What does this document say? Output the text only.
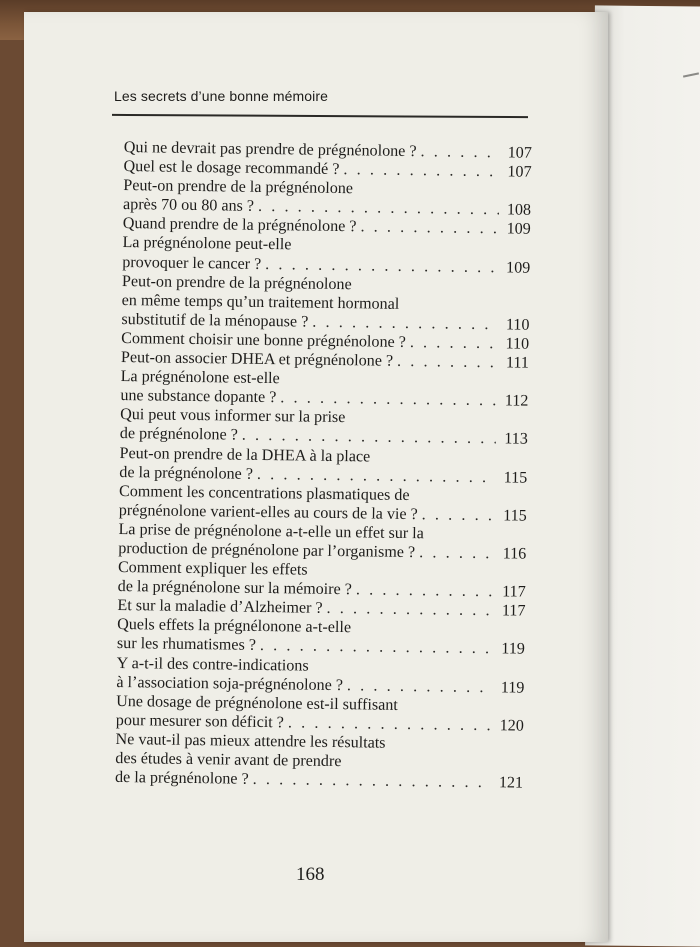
Les secrets d’une bonne mémoire
Qui ne devrait pas prendre de prégnénolone ? . . .	107
Quel est le dosage recommandé ? . . .	107
Peut-on prendre de la prégnénolone
après 70 ou 80 ans ? . . .	108
Quand prendre de la prégnénolone ? . . .	109
La prégnénolone peut-elle
provoquer le cancer ? . . .	109
Peut-on prendre de la prégnénolone
en même temps qu’un traitement hormonal
substitutif de la ménopause ? . . .	110
Comment choisir une bonne prégnénolone ? . . .	110
Peut-on associer DHEA et prégnénolone ? . . .	111
La prégnénolone est-elle
une substance dopante ? . . .	112
Qui peut vous informer sur la prise
de prégnénolone ? . . .	113
Peut-on prendre de la DHEA à la place
de la prégnénolone ? . . .	115
Comment les concentrations plasmatiques de
prégnénolone varient-elles au cours de la vie ? . . .	115
La prise de prégnénolone a-t-elle un effet sur la
production de prégnénolone par l’organisme ? . . .	116
Comment expliquer les effets
de la prégnénolone sur la mémoire ? . . .	117
Et sur la maladie d’Alzheimer ? . . .	117
Quels effets la prégnélonone a-t-elle
sur les rhumatismes ? . . .	119
Y a-t-il des contre-indications
à l’association soja-prégnénolone ? . . .	119
Une dosage de prégnénolone est-il suffisant
pour mesurer son déficit ? . . .	120
Ne vaut-il pas mieux attendre les résultats
des études à venir avant de prendre
de la prégnénolone ? . . .	121
168
